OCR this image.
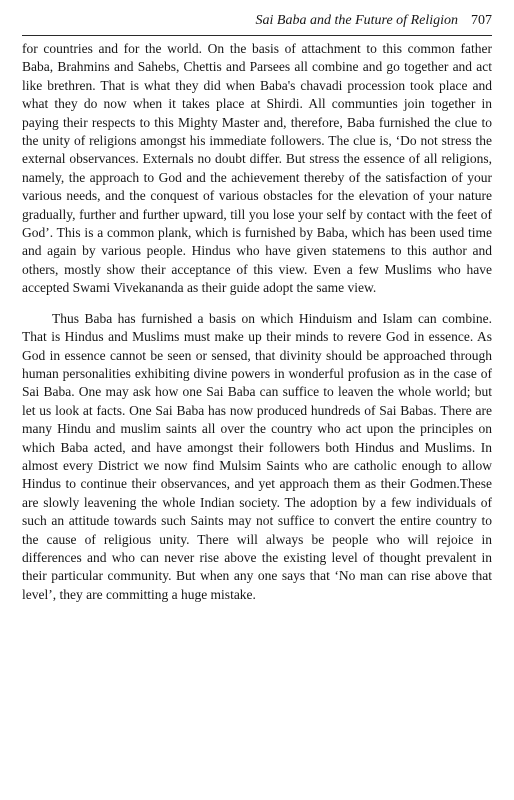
Sai Baba and the Future of Religion 707

for countries and for the world. On the basis of attachment to this common father Baba, Brahmins and Sahebs, Chettis and Parsees all combine and go together and act like brethren. That is what they did when Baba's chavadi procession took place and what they do now when it takes place at Shirdi. All communties join together in paying their respects to this Mighty Master and, therefore, Baba furnished the clue to the unity of religions amongst his immediate followers. The clue is, ‘Do not stress the external observances. Externals no doubt differ. But stress the essence of all religions, namely, the approach to God and the achievement thereby of the satisfaction of your various needs, and the conquest of various obstacles for the elevation of your nature gradually, further and further upward, till you lose your self by contact with the feet of God’. This is a common plank, which is furnished by Baba, which has been used time and again by various people. Hindus who have given statemens to this author and others, mostly show their acceptance of this view. Even a few Muslims who have accepted Swami Vivekananda as their guide adopt the same view.

Thus Baba has furnished a basis on which Hinduism and Islam can combine. That is Hindus and Muslims must make up their minds to revere God in essence. As God in essence cannot be seen or sensed, that divinity should be approached through human personalities exhibiting divine powers in wonderful profusion as in the case of Sai Baba. One may ask how one Sai Baba can suffice to leaven the whole world; but let us look at facts. One Sai Baba has now produced hundreds of Sai Babas. There are many Hindu and muslim saints all over the country who act upon the principles on which Baba acted, and have amongst their followers both Hindus and Muslims. In almost every District we now find Mulsim Saints who are catholic enough to allow Hindus to continue their observances, and yet approach them as their Godmen.These are slowly leavening the whole Indian society. The adoption by a few individuals of such an attitude towards such Saints may not suffice to convert the entire country to the cause of religious unity. There will always be people who will rejoice in differences and who can never rise above the existing level of thought prevalent in their particular community. But when any one says that ‘No man can rise above that level’, they are committing a huge mistake.
